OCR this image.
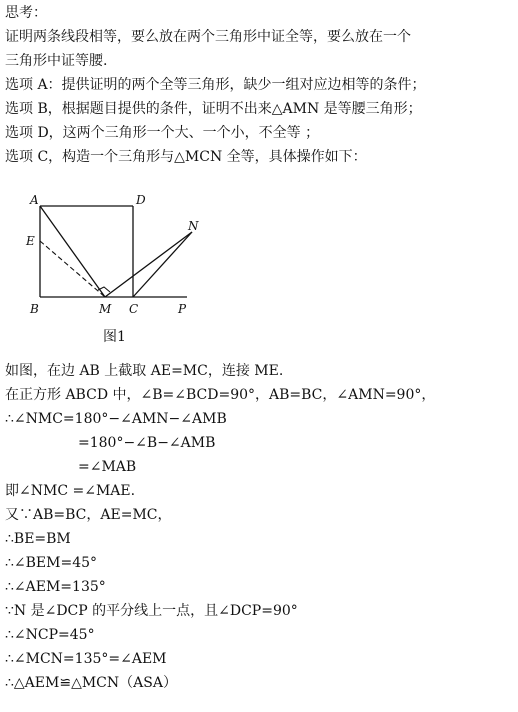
思考：
证明两条线段相等，要么放在两个三角形中证全等，要么放在一个
三角形中证等腰.
选项 A：提供证明的两个全等三角形，缺少一组对应边相等的条件；
选项 B，根据题目提供的条件，证明不出来△AMN 是等腰三角形；
选项 D，这两个三角形一个大、一个小，不全等 ；
选项 C，构造一个三角形与△MCN 全等，具体操作如下：
A	D
E
N
B	M C	P
图1
如图，在边 AB 上截取 AE=MC，连接 ME.
在正方形 ABCD 中，∠B=∠BCD=90°，AB=BC，∠AMN=90°，
∴∠NMC=180°−∠AMN−∠AMB
=180°−∠B−∠AMB
=∠MAB
即∠NMC =∠MAE.
又∵AB=BC，AE=MC，
∴BE=BM
∴∠BEM=45°
∴∠AEM=135°
∵N 是∠DCP 的平分线上一点，且∠DCP=90°
∴∠NCP=45°
∴∠MCN=135°=∠AEM
∴△AEM≌△MCN（ASA）
